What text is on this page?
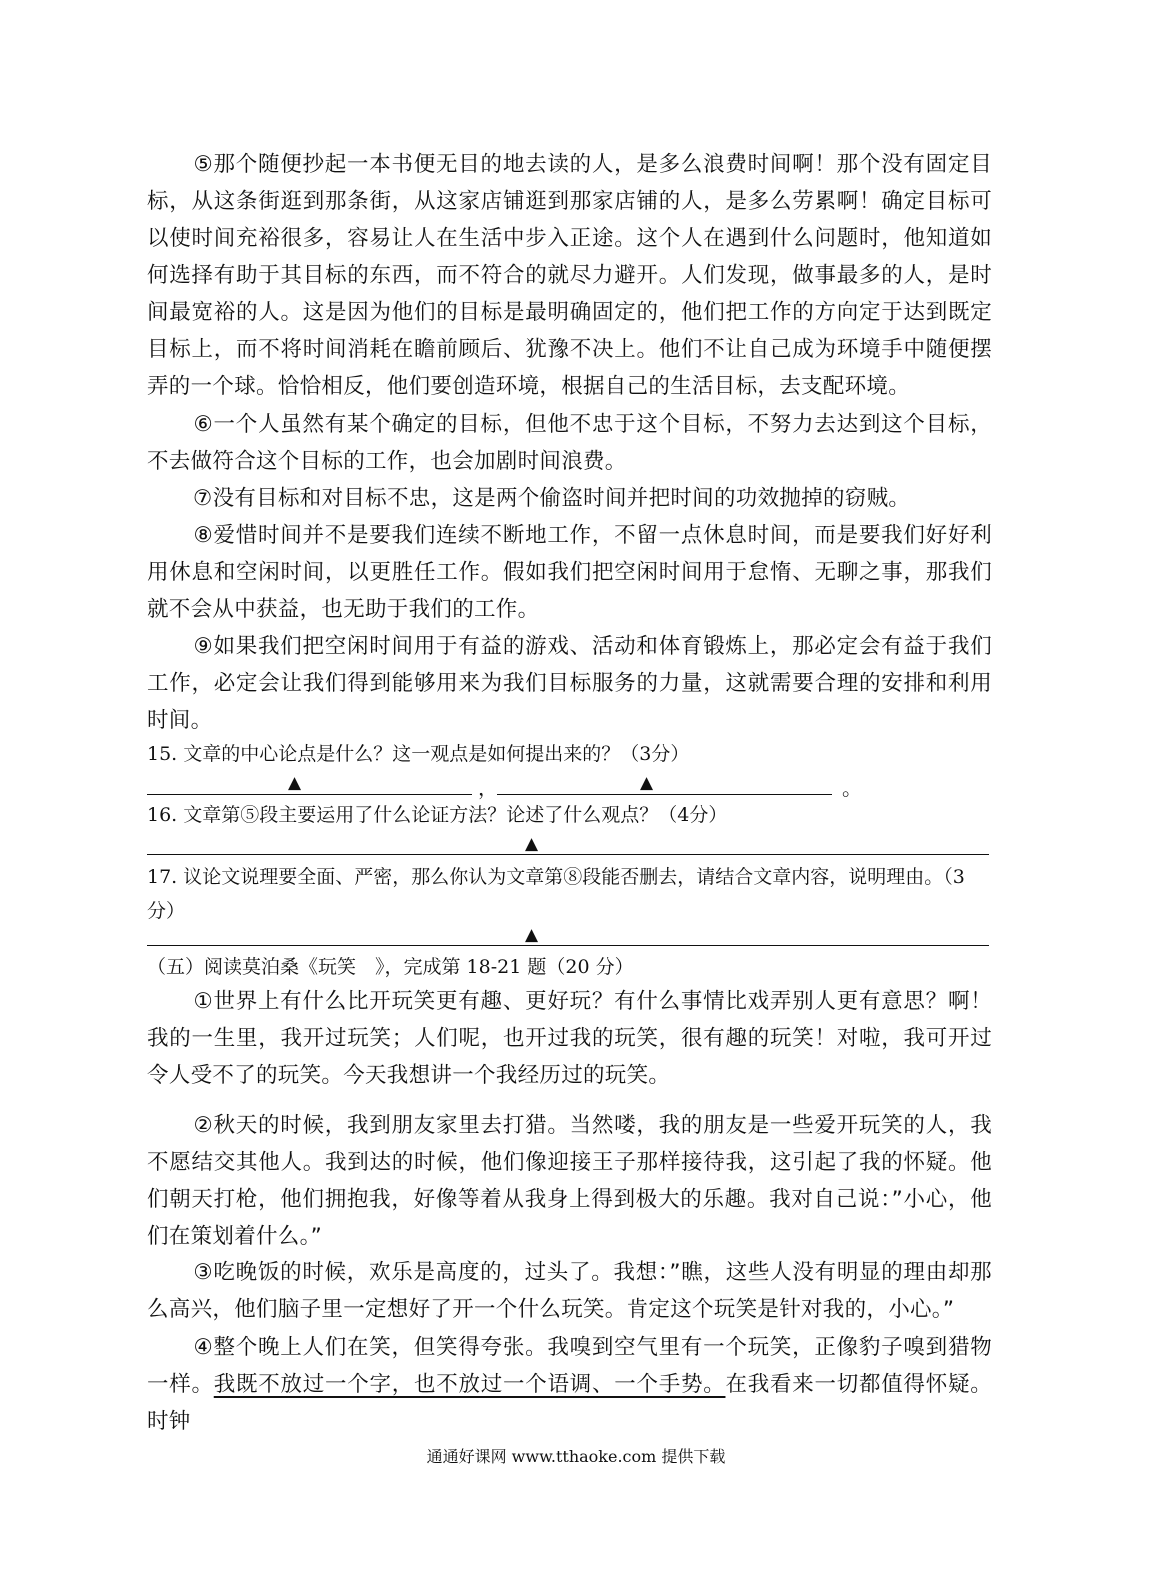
⑤那个随便抄起一本书便无目的地去读的人，是多么浪费时间啊！那个没有固定目标，从这条街逛到那条街，从这家店铺逛到那家店铺的人，是多么劳累啊！确定目标可以使时间充裕很多，容易让人在生活中步入正途。这个人在遇到什么问题时，他知道如何选择有助于其目标的东西，而不符合的就尽力避开。人们发现，做事最多的人，是时间最宽裕的人。这是因为他们的目标是最明确固定的，他们把工作的方向定于达到既定目标上，而不将时间消耗在瞻前顾后、犹豫不决上。他们不让自己成为环境手中随便摆弄的一个球。恰恰相反，他们要创造环境，根据自己的生活目标，去支配环境。

⑥一个人虽然有某个确定的目标，但他不忠于这个目标，不努力去达到这个目标，不去做符合这个目标的工作，也会加剧时间浪费。

⑦没有目标和对目标不忠，这是两个偷盗时间并把时间的功效抛掉的窃贼。

⑧爱惜时间并不是要我们连续不断地工作，不留一点休息时间，而是要我们好好利用休息和空闲时间，以更胜任工作。假如我们把空闲时间用于怠惰、无聊之事，那我们就不会从中获益，也无助于我们的工作。

⑨如果我们把空闲时间用于有益的游戏、活动和体育锻炼上，那必定会有益于我们工作，必定会让我们得到能够用来为我们目标服务的力量，这就需要合理的安排和利用时间。

15. 文章的中心论点是什么？这一观点是如何提出来的？（3分）

▲	，	▲	。

16. 文章第⑤段主要运用了什么论证方法？论述了什么观点？（4分）

▲

17. 议论文说理要全面、严密，那么你认为文章第⑧段能否删去，请结合文章内容，说明理由。（3分）

▲

（五）阅读莫泊桑《玩笑　》，完成第 18-21 题（20 分）

①世界上有什么比开玩笑更有趣、更好玩？有什么事情比戏弄别人更有意思？啊！我的一生里，我开过玩笑；人们呢，也开过我的玩笑，很有趣的玩笑！对啦，我可开过令人受不了的玩笑。今天我想讲一个我经历过的玩笑。

②秋天的时候，我到朋友家里去打猎。当然喽，我的朋友是一些爱开玩笑的人，我不愿结交其他人。我到达的时候，他们像迎接王子那样接待我，这引起了我的怀疑。他们朝天打枪，他们拥抱我，好像等着从我身上得到极大的乐趣。我对自己说：”小心，他们在策划着什么。”

③吃晚饭的时候，欢乐是高度的，过头了。我想：”瞧，这些人没有明显的理由却那么高兴，他们脑子里一定想好了开一个什么玩笑。肯定这个玩笑是针对我的，小心。”

④整个晚上人们在笑，但笑得夸张。我嗅到空气里有一个玩笑，正像豹子嗅到猎物一样。我既不放过一个字，也不放过一个语调、一个手势。在我看来一切都值得怀疑。时钟

通通好课网 www.tthaoke.com 提供下载
